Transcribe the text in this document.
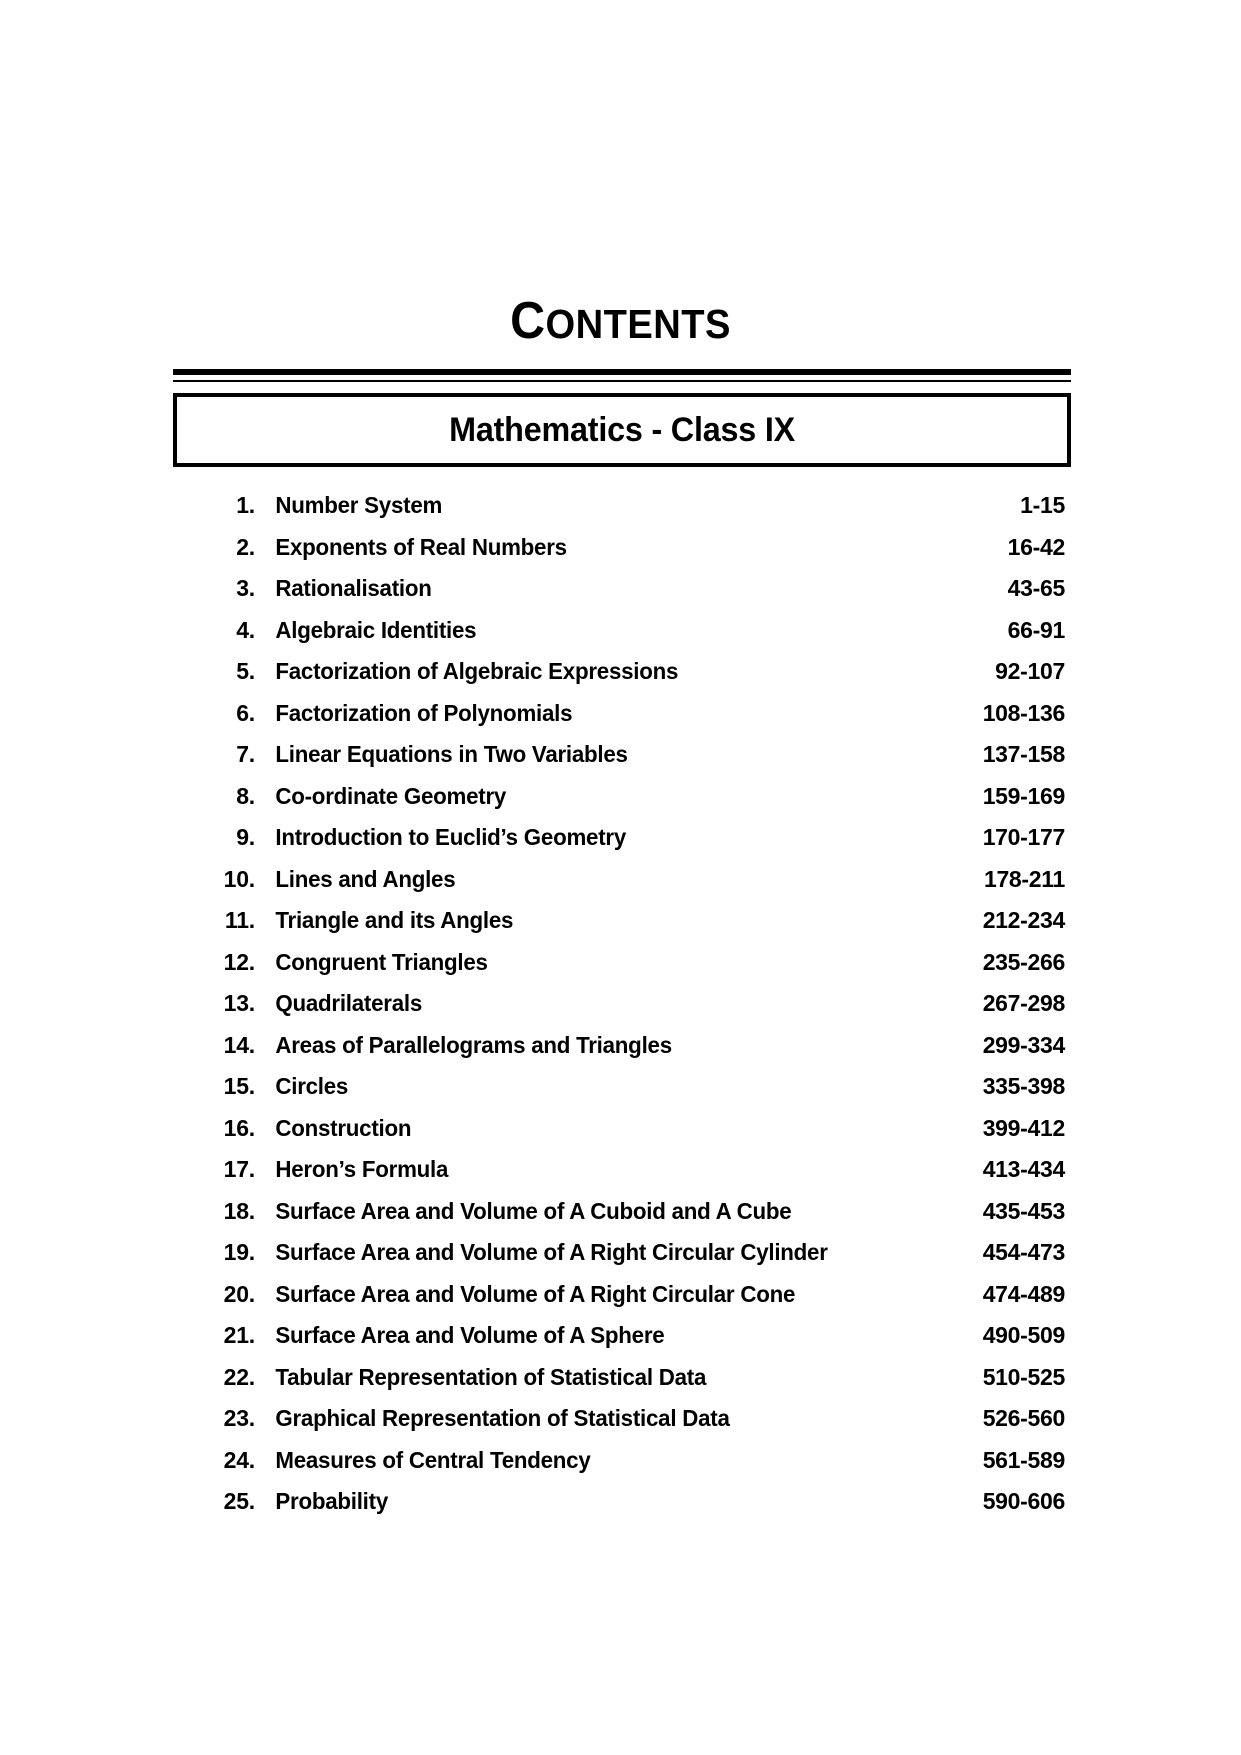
CONTENTS
Mathematics - Class IX
1. Number System	1-15
2. Exponents of Real Numbers	16-42
3. Rationalisation	43-65
4. Algebraic Identities	66-91
5. Factorization of Algebraic Expressions	92-107
6. Factorization of Polynomials	108-136
7. Linear Equations in Two Variables	137-158
8. Co-ordinate Geometry	159-169
9. Introduction to Euclid’s Geometry	170-177
10. Lines and Angles	178-211
11. Triangle and its Angles	212-234
12. Congruent Triangles	235-266
13. Quadrilaterals	267-298
14. Areas of Parallelograms and Triangles	299-334
15. Circles	335-398
16. Construction	399-412
17. Heron’s Formula	413-434
18. Surface Area and Volume of A Cuboid and A Cube	435-453
19. Surface Area and Volume of A Right Circular Cylinder	454-473
20. Surface Area and Volume of A Right Circular Cone	474-489
21. Surface Area and Volume of A Sphere	490-509
22. Tabular Representation of Statistical Data	510-525
23. Graphical Representation of Statistical Data	526-560
24. Measures of Central Tendency	561-589
25. Probability	590-606
